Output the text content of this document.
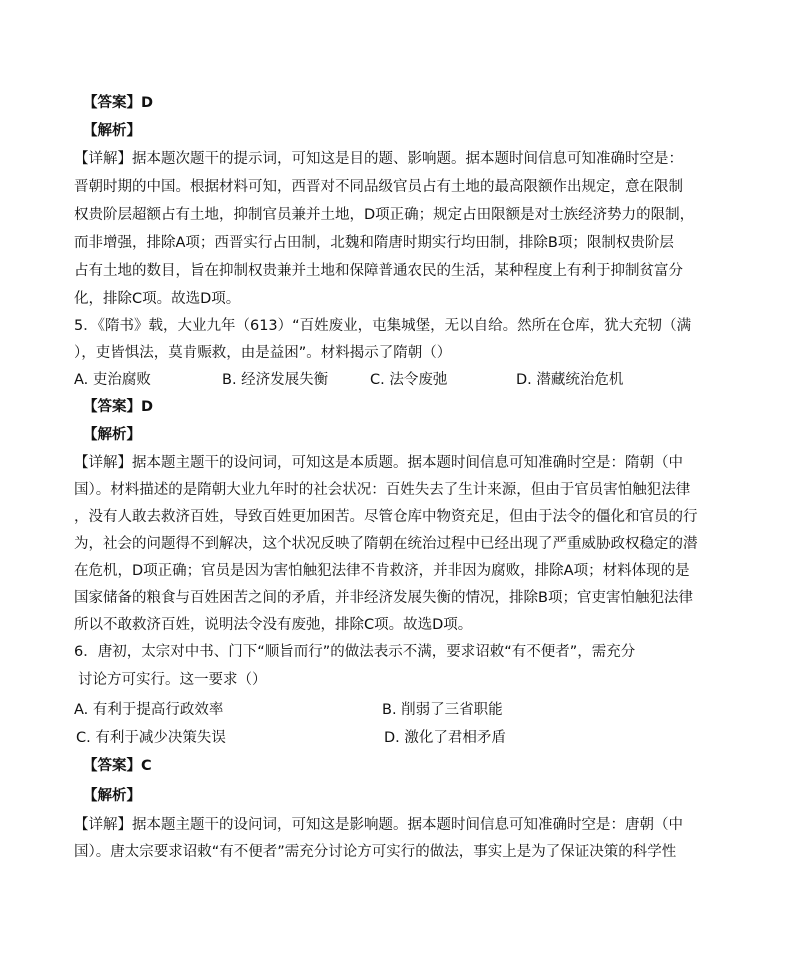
【答案】D
【解析】
【详解】据本题次题干的提示词，可知这是目的题、影响题。据本题时间信息可知准确时空是：
晋朝时期的中国。根据材料可知，西晋对不同品级官员占有土地的最高限额作出规定，意在限制
权贵阶层超额占有土地，抑制官员兼并土地，D项正确；规定占田限额是对士族经济势力的限制，
而非增强，排除A项；西晋实行占田制，北魏和隋唐时期实行均田制，排除B项；限制权贵阶层
占有土地的数目，旨在抑制权贵兼并土地和保障普通农民的生活，某种程度上有利于抑制贫富分
化，排除C项。故选D项。
5．《隋书》载，大业九年（613）“百姓废业，屯集城堡，无以自给。然所在仓库，犹大充牣（满
），吏皆惧法，莫肯赈救，由是益困”。材料揭示了隋朝（）
A. 吏治腐败	B. 经济发展失衡	C. 法令废弛	D. 潜藏统治危机
【答案】D
【解析】
【详解】据本题主题干的设问词，可知这是本质题。据本题时间信息可知准确时空是：隋朝（中
国）。材料描述的是隋朝大业九年时的社会状况：百姓失去了生计来源，但由于官员害怕触犯法律
，没有人敢去救济百姓，导致百姓更加困苦。尽管仓库中物资充足，但由于法令的僵化和官员的行
为，社会的问题得不到解决，这个状况反映了隋朝在统治过程中已经出现了严重威胁政权稳定的潜
在危机，D项正确；官员是因为害怕触犯法律不肯救济，并非因为腐败，排除A项；材料体现的是
国家储备的粮食与百姓困苦之间的矛盾，并非经济发展失衡的情况，排除B项；官吏害怕触犯法律
所以不敢救济百姓，说明法令没有废弛，排除C项。故选D项。
6．唐初，太宗对中书、门下“顺旨而行”的做法表示不满，要求诏敕“有不便者”，需充分
讨论方可实行。这一要求（）
A. 有利于提高行政效率	B. 削弱了三省职能
C. 有利于减少决策失误	D. 激化了君相矛盾
【答案】C
【解析】
【详解】据本题主题干的设问词，可知这是影响题。据本题时间信息可知准确时空是：唐朝（中
国）。唐太宗要求诏敕“有不便者”需充分讨论方可实行的做法，事实上是为了保证决策的科学性
